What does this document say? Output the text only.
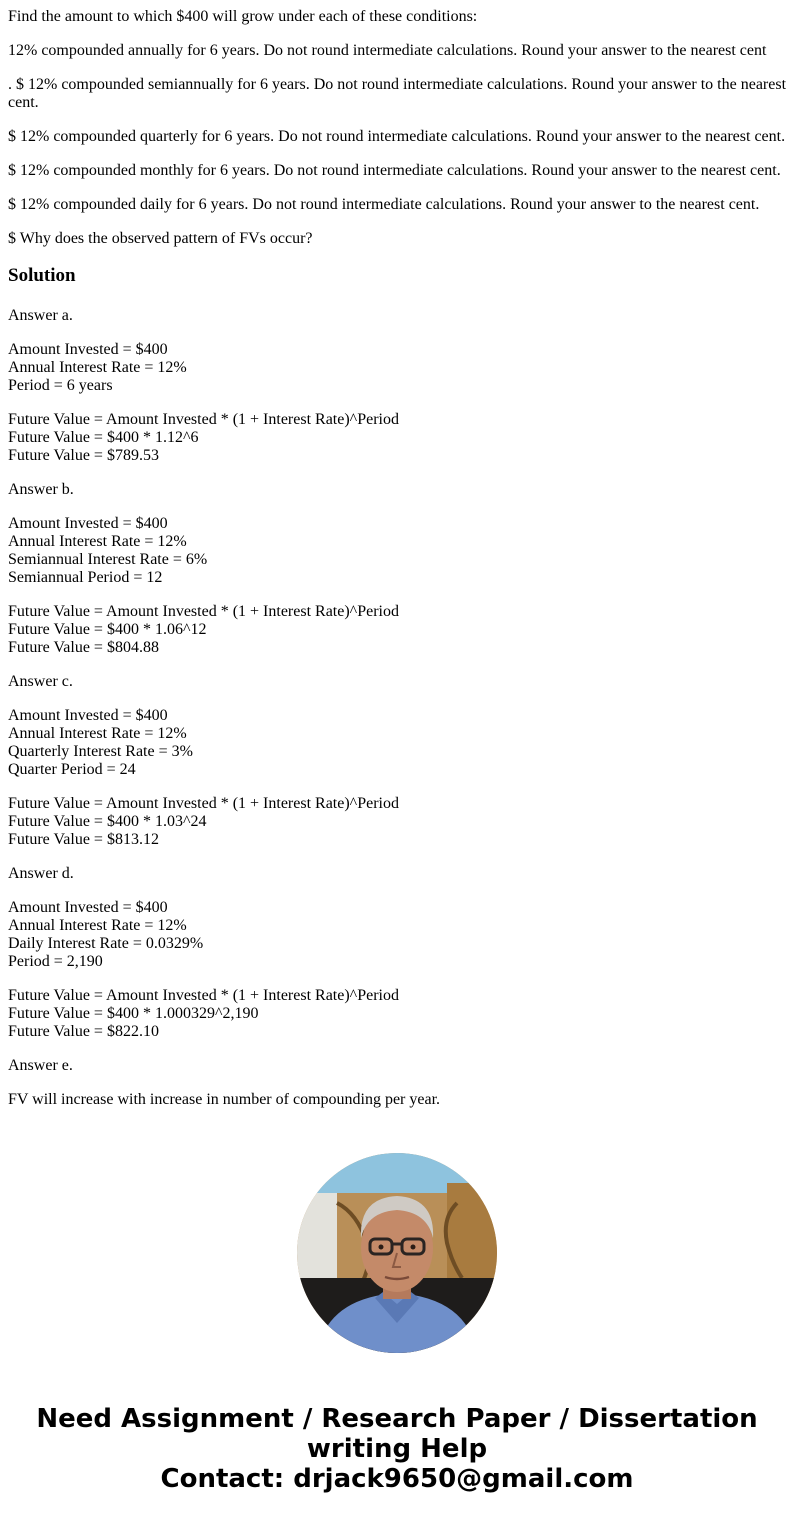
Find the amount to which $400 will grow under each of these conditions:

12% compounded annually for 6 years. Do not round intermediate calculations. Round your answer to the nearest cent

. $ 12% compounded semiannually for 6 years. Do not round intermediate calculations. Round your answer to the nearest cent.

$ 12% compounded quarterly for 6 years. Do not round intermediate calculations. Round your answer to the nearest cent.

$ 12% compounded monthly for 6 years. Do not round intermediate calculations. Round your answer to the nearest cent.

$ 12% compounded daily for 6 years. Do not round intermediate calculations. Round your answer to the nearest cent.

$ Why does the observed pattern of FVs occur?

Solution

Answer a.

Amount Invested = $400
Annual Interest Rate = 12%
Period = 6 years
Future Value = Amount Invested * (1 + Interest Rate)^Period
Future Value = $400 * 1.12^6
Future Value = $789.53

Answer b.

Amount Invested = $400
Annual Interest Rate = 12%
Semiannual Interest Rate = 6%
Semiannual Period = 12
Future Value = Amount Invested * (1 + Interest Rate)^Period
Future Value = $400 * 1.06^12
Future Value = $804.88

Answer c.

Amount Invested = $400
Annual Interest Rate = 12%
Quarterly Interest Rate = 3%
Quarter Period = 24
Future Value = Amount Invested * (1 + Interest Rate)^Period
Future Value = $400 * 1.03^24
Future Value = $813.12

Answer d.

Amount Invested = $400
Annual Interest Rate = 12%
Daily Interest Rate = 0.0329%
Period = 2,190
Future Value = Amount Invested * (1 + Interest Rate)^Period
Future Value = $400 * 1.000329^2,190
Future Value = $822.10

Answer e.

FV will increase with increase in number of compounding per year.

Need Assignment / Research Paper / Dissertation
writing Help
Contact: drjack9650@gmail.com
